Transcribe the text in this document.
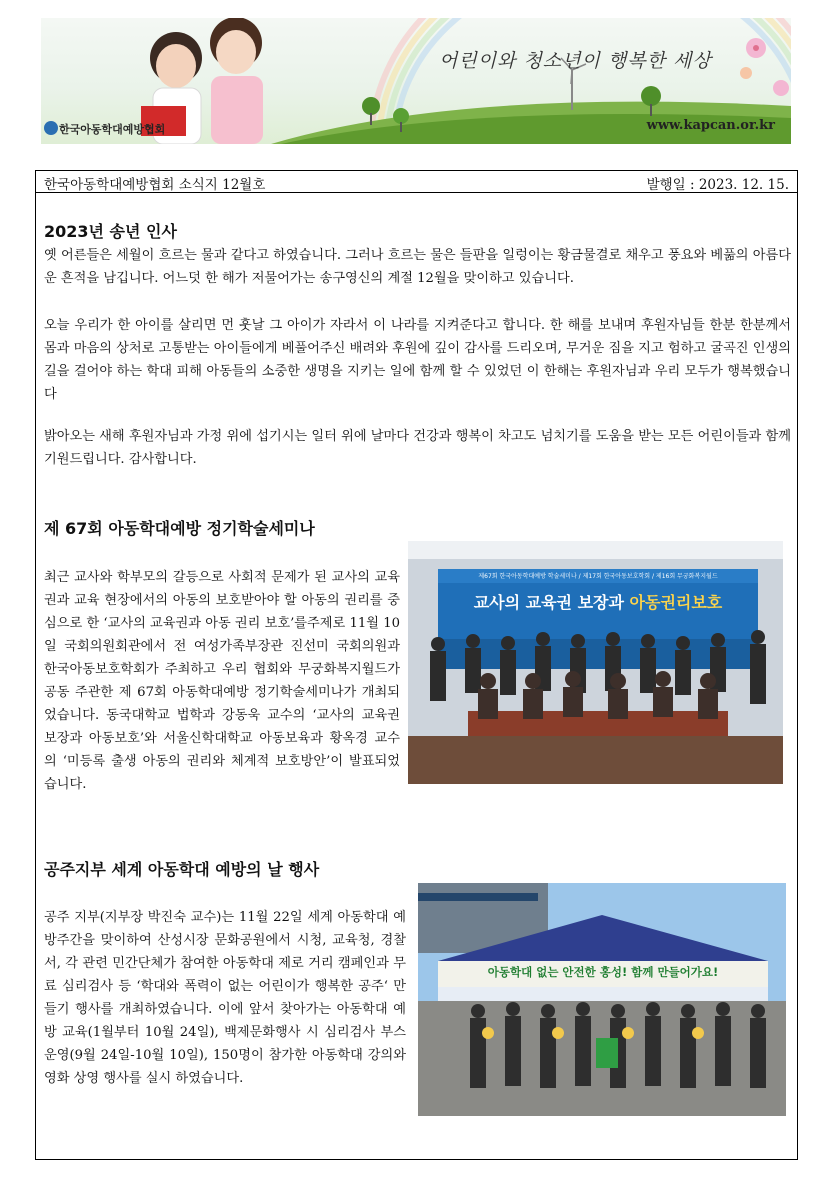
어린이와 청소년이 행복한 세상
www.kapcan.or.kr
한국아동학대예방협회
한국아동학대예방협회 소식지 12월호	발행일 : 2023. 12. 15.
2023년 송년 인사

옛 어른들은 세월이 흐르는 물과 같다고 하였습니다. 그러나 흐르는 물은 들판을 일렁이는 황금물결로 채우고 풍요와 베풂의 아름다운 흔적을 남깁니다. 어느덧 한 해가 저물어가는 송구영신의 계절 12월을 맞이하고 있습니다.

오늘 우리가 한 아이를 살리면 먼 훗날 그 아이가 자라서 이 나라를 지켜준다고 합니다. 한 해를 보내며 후원자님들 한분 한분께서 몸과 마음의 상처로 고통받는 아이들에게 베풀어주신 배려와 후원에 깊이 감사를 드리오며, 무거운 짐을 지고 험하고 굴곡진 인생의 길을 걸어야 하는 학대 피해 아동들의 소중한 생명을 지키는 일에 함께 할 수 있었던 이 한해는 후원자님과 우리 모두가 행복했습니다

밝아오는 새해 후원자님과 가정 위에 섭기시는 일터 위에 날마다 건강과 행복이 차고도 넘치기를 도움을 받는 모든 어린이들과 함께 기원드립니다. 감사합니다.

제 67회 아동학대예방 정기학술세미나

최근 교사와 학부모의 갈등으로 사회적 문제가 된 교사의 교육권과 교육 현장에서의 아동의 보호받아야 할 아동의 권리를 중심으로 한 ‘교사의 교육권과 아동 권리 보호’를주제로 11월 10일 국회의원회관에서 전 여성가족부장관 진선미 국회의원과 한국아동보호학회가 주최하고 우리 협회와 무궁화복지월드가 공동 주관한 제 67회 아동학대예방 정기학술세미나가 개최되었습니다. 동국대학교 법학과 강동욱 교수의 ‘교사의 교육권 보장과 아동보호’와 서울신학대학교 아동보육과 황옥경 교수의 ‘미등록 출생 아동의 권리와 체계적 보호방안’이 발표되었습니다.

제67회 한국아동학대예방 학술세미나 / 제17회 한국아동보호학회 / 제16회 무궁화복지월드
교사의 교육권 보장과 아동권리보호
공주지부 세계 아동학대 예방의 날 행사

공주 지부(지부장 박진숙 교수)는 11월 22일 세계 아동학대 예방주간을 맞이하여 산성시장 문화공원에서 시청, 교육청, 경찰서, 각 관련 민간단체가 참여한 아동학대 제로 거리 캠페인과 무료 심리검사 등 ‘학대와 폭력이 없는 어린이가 행복한 공주‘ 만들기 행사를 개최하였습니다. 이에 앞서 찾아가는 아동학대 예방 교육(1월부터 10월 24일), 백제문화행사 시 심리검사 부스 운영(9월 24일-10월 10일), 150명이 참가한 아동학대 강의와 영화 상영 행사를 실시 하였습니다.

아동학대 없는 안전한 홍성! 함께 만들어가요!
